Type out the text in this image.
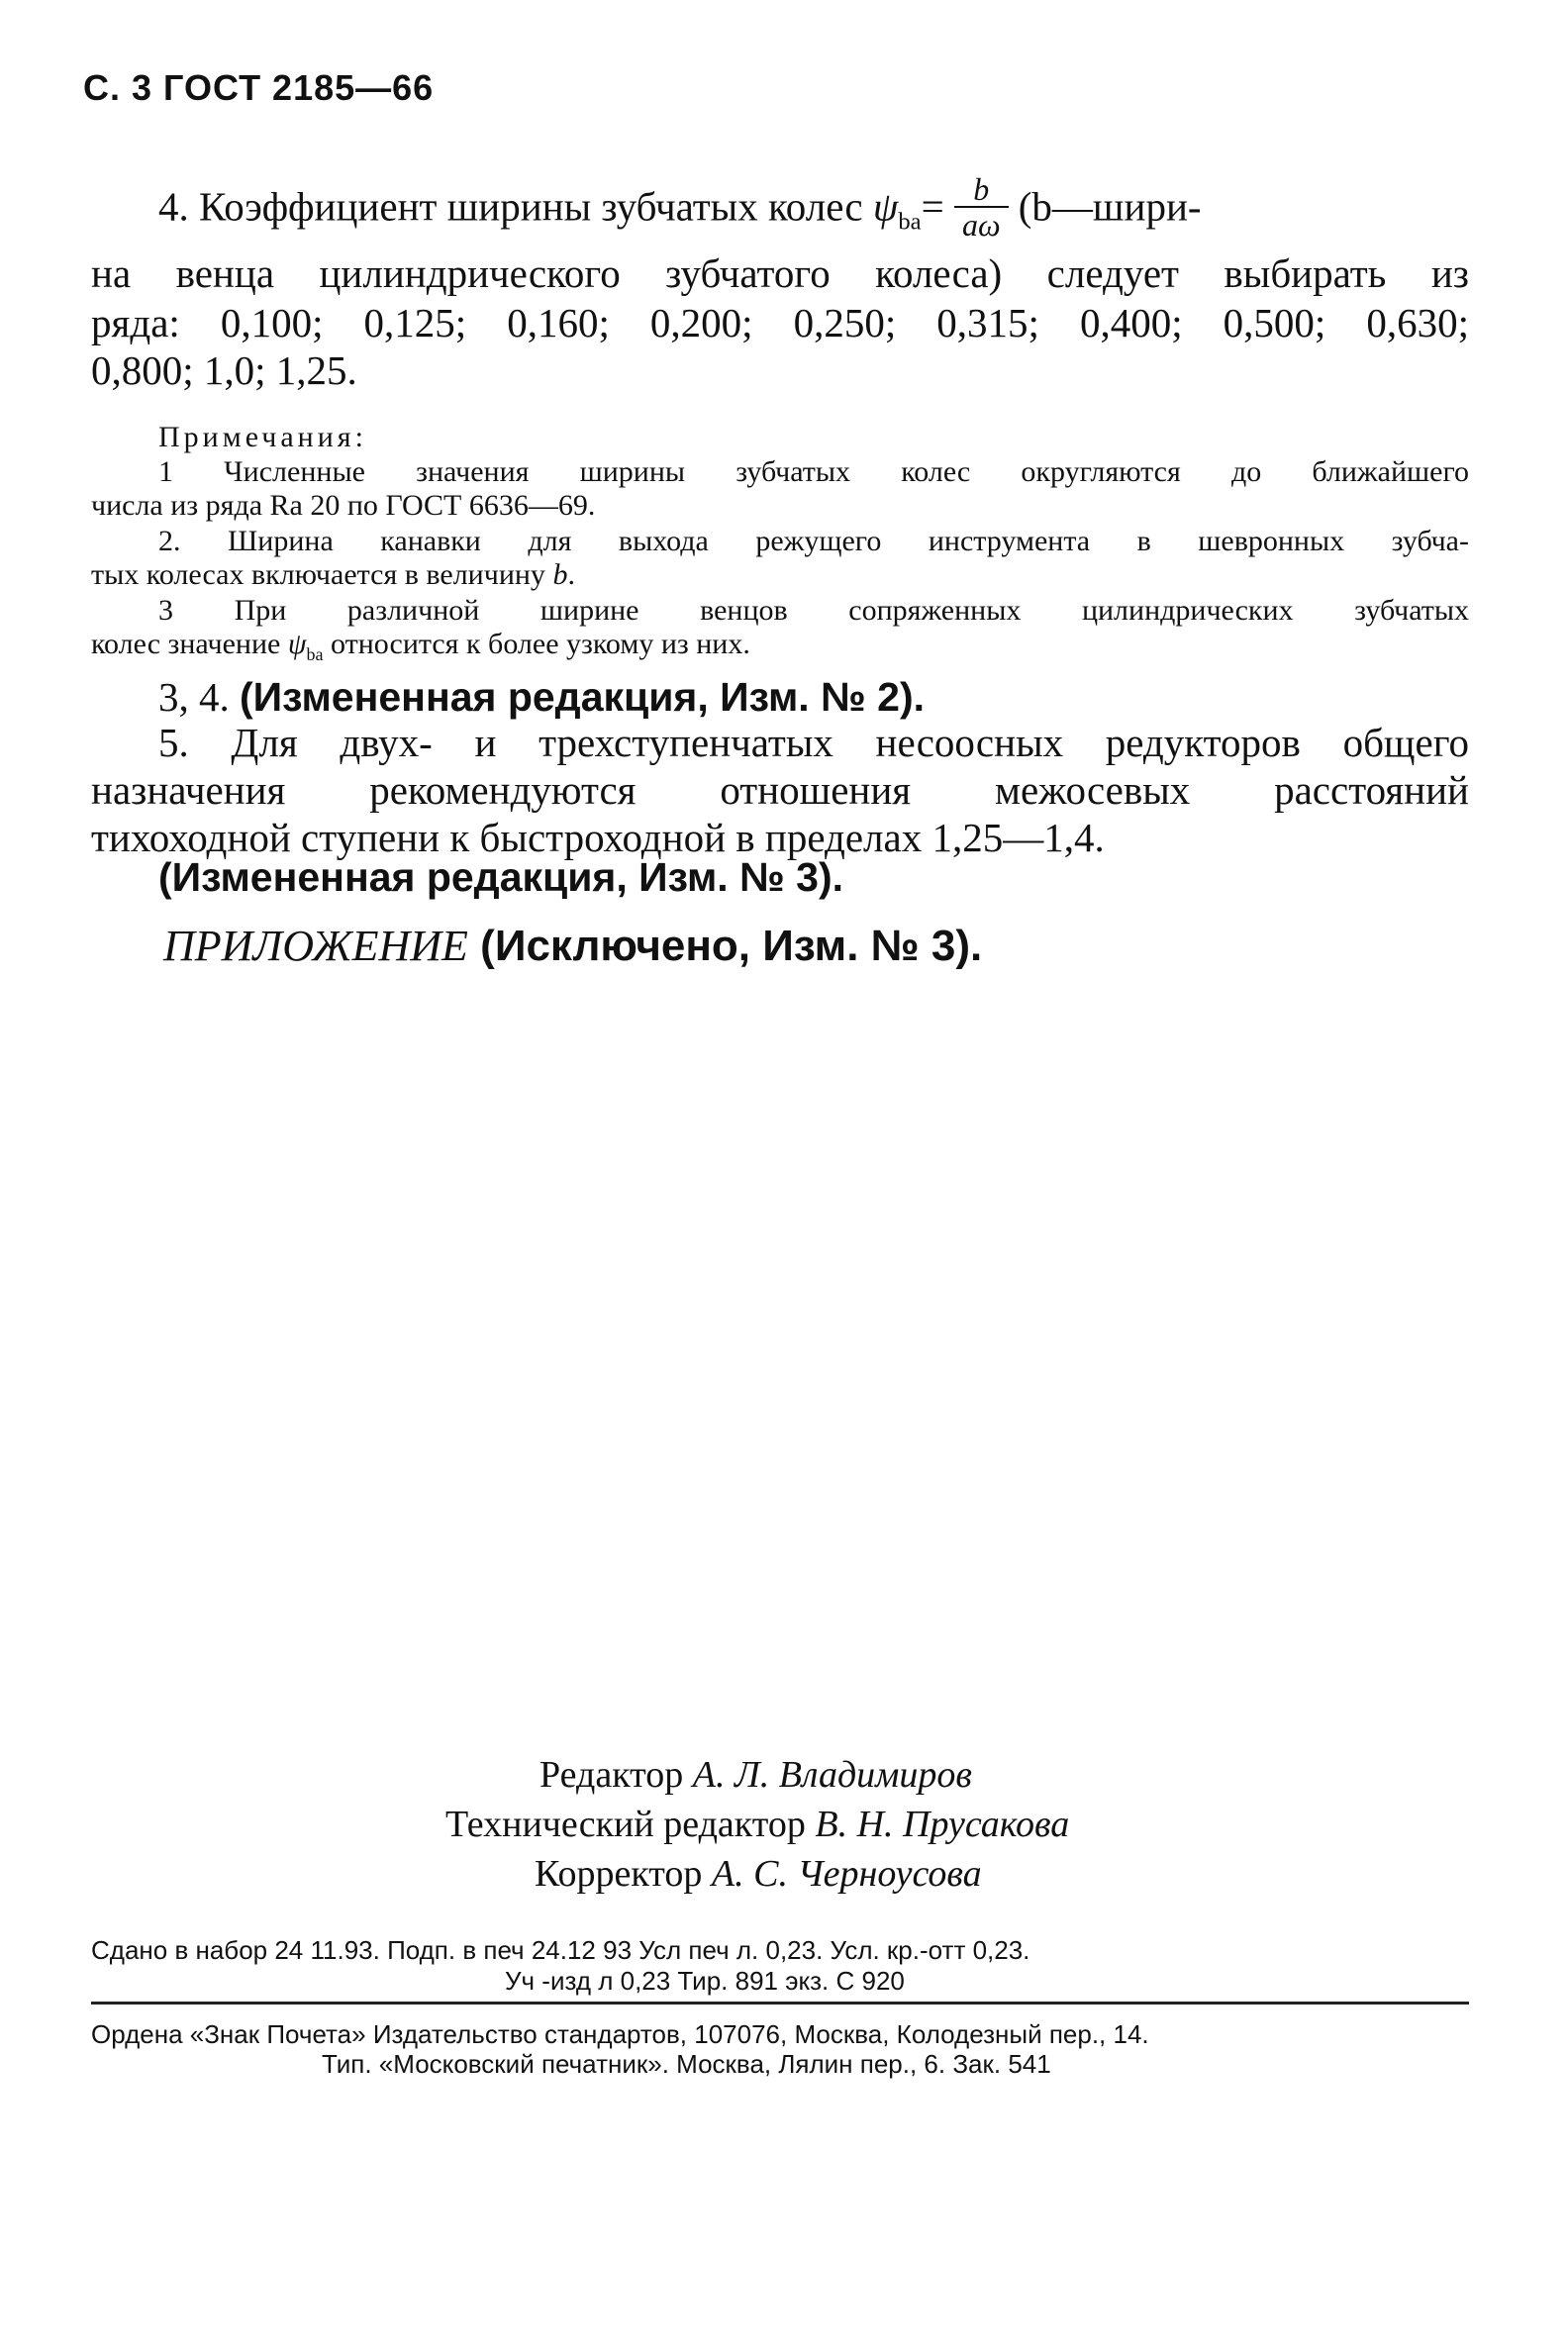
С. 3 ГОСТ 2185—66
4. Коэффициент ширины зубчатых колес $\psi_{ba}= \frac{b}{a\omega}$ (b—шири-
на венца цилиндрического зубчатого колеса) следует выбирать из
ряда: 0,100; 0,125; 0,160; 0,200; 0,250; 0,315; 0,400; 0,500; 0,630;
0,800; 1,0; 1,25.
Примечания:
1 Численные значения ширины зубчатых колес округляются до ближайшего
числа из ряда Ra 20 по ГОСТ 6636—69.
2. Ширина канавки для выхода режущего инструмента в шевронных зубча-
тых колесах включается в величину b.
3 При различной ширине венцов сопряженных цилиндрических зубчатых
колес значение $\psi_{ba}$ относится к более узкому из них.
3, 4. (Измененная редакция, Изм. № 2).
5. Для двух- и трехступенчатых несоосных редукторов общего
назначения рекомендуются отношения межосевых расстояний
тихоходной ступени к быстроходной в пределах 1,25—1,4.
(Измененная редакция, Изм. № 3).
ПРИЛОЖЕНИЕ (Исключено, Изм. № 3).
Редактор А. Л. Владимиров
Технический редактор В. Н. Прусакова
Корректор А. С. Черноусова
Сдано в набор 24 11.93. Подп. в печ 24.12 93 Усл печ л. 0,23. Усл. кр.-отт 0,23.
Уч -изд л 0,23 Тир. 891 экз. С 920
Ордена «Знак Почета» Издательство стандартов, 107076, Москва, Колодезный пер., 14.
Тип. «Московский печатник». Москва, Лялин пер., 6. Зак. 541
